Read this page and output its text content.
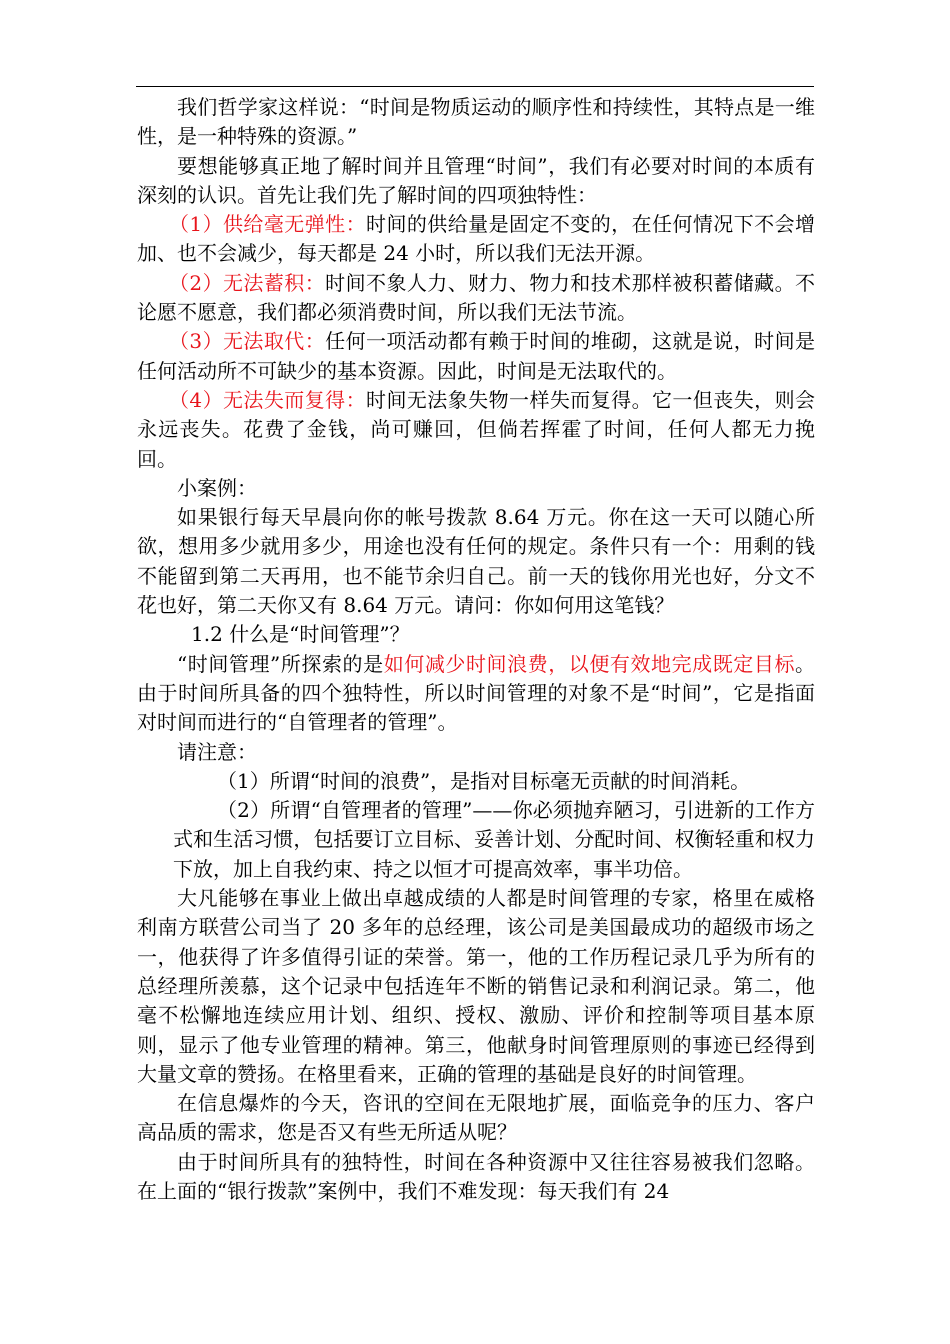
我们哲学家这样说：“时间是物质运动的顺序性和持续性，其特点是一维性，是一种特殊的资源。”

要想能够真正地了解时间并且管理“时间”，我们有必要对时间的本质有深刻的认识。首先让我们先了解时间的四项独特性：

（1）供给毫无弹性：时间的供给量是固定不变的，在任何情况下不会增加、也不会减少，每天都是 24 小时，所以我们无法开源。

（2）无法蓄积：时间不象人力、财力、物力和技术那样被积蓄储藏。不论愿不愿意，我们都必须消费时间，所以我们无法节流。

（3）无法取代：任何一项活动都有赖于时间的堆砌，这就是说，时间是任何活动所不可缺少的基本资源。因此，时间是无法取代的。

（4）无法失而复得：时间无法象失物一样失而复得。它一但丧失，则会永远丧失。花费了金钱，尚可赚回，但倘若挥霍了时间，任何人都无力挽回。

小案例：

如果银行每天早晨向你的帐号拨款 8.64 万元。你在这一天可以随心所欲，想用多少就用多少，用途也没有任何的规定。条件只有一个：用剩的钱不能留到第二天再用，也不能节余归自己。前一天的钱你用光也好，分文不花也好，第二天你又有 8.64 万元。请问：你如何用这笔钱？

1.2 什么是“时间管理”？

“时间管理”所探索的是如何减少时间浪费，以便有效地完成既定目标。由于时间所具备的四个独特性，所以时间管理的对象不是“时间”，它是指面对时间而进行的“自管理者的管理”。

请注意：

（1）所谓“时间的浪费”，是指对目标毫无贡献的时间消耗。

（2）所谓“自管理者的管理”——你必须抛弃陋习，引进新的工作方式和生活习惯，包括要订立目标、妥善计划、分配时间、权衡轻重和权力下放，加上自我约束、持之以恒才可提高效率，事半功倍。

大凡能够在事业上做出卓越成绩的人都是时间管理的专家，格里在威格利南方联营公司当了 20 多年的总经理，该公司是美国最成功的超级市场之一，他获得了许多值得引证的荣誉。第一，他的工作历程记录几乎为所有的总经理所羡慕，这个记录中包括连年不断的销售记录和利润记录。第二，他毫不松懈地连续应用计划、组织、授权、激励、评价和控制等项目基本原则，显示了他专业管理的精神。第三，他献身时间管理原则的事迹已经得到大量文章的赞扬。在格里看来，正确的管理的基础是良好的时间管理。

在信息爆炸的今天，咨讯的空间在无限地扩展，面临竞争的压力、客户高品质的需求，您是否又有些无所适从呢？

由于时间所具有的独特性，时间在各种资源中又往往容易被我们忽略。在上面的“银行拨款”案例中，我们不难发现：每天我们有 24
